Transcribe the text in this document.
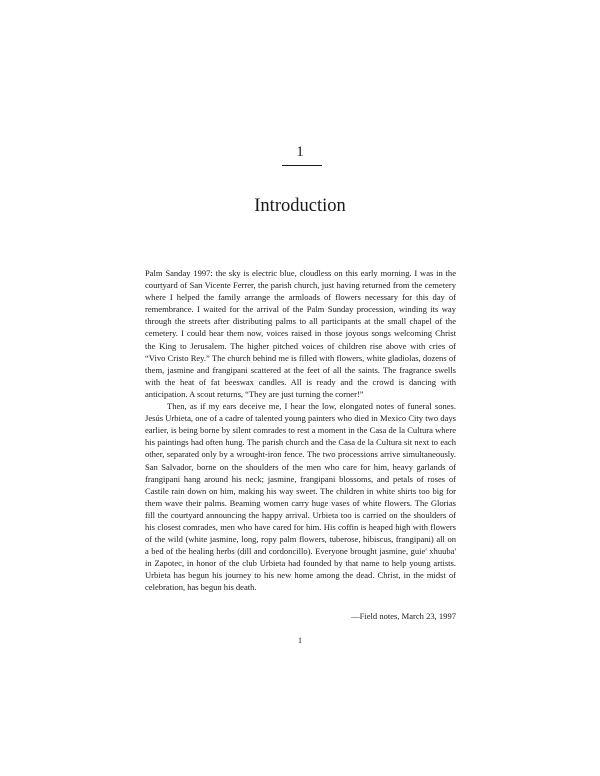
1
Introduction

Palm Sanday 1997: the sky is electric blue, cloudless on this early morning. I was in the courtyard of San Vicente Ferrer, the parish church, just having returned from the cemetery where I helped the family arrange the armloads of flowers necessary for this day of remembrance. I waited for the arrival of the Palm Sunday procession, winding its way through the streets after distributing palms to all participants at the small chapel of the cemetery. I could hear them now, voices raised in those joyous songs welcoming Christ the King to Jerusalem. The higher pitched voices of children rise above with cries of “Vivo Cristo Rey.” The church behind me is filled with flowers, white gladiolas, dozens of them, jasmine and frangipani scattered at the feet of all the saints. The fragrance swells with the heat of fat beeswax candles. All is ready and the crowd is dancing with anticipation. A scout returns, “They are just turning the corner!”

Then, as if my ears deceive me, I hear the low, elongated notes of funeral sones. Jesús Urbieta, one of a cadre of talented young painters who died in Mexico City two days earlier, is being borne by silent comrades to rest a moment in the Casa de la Cultura where his paintings had often hung. The parish church and the Casa de la Cultura sit next to each other, separated only by a wrought-iron fence. The two processions arrive simultaneously. San Salvador, borne on the shoulders of the men who care for him, heavy garlands of frangipani hang around his neck; jasmine, frangipani blossoms, and petals of roses of Castile rain down on him, making his way sweet. The children in white shirts too big for them wave their palms. Beaming women carry huge vases of white flowers. The Glorias fill the courtyard announcing the happy arrival. Urbieta too is carried on the shoulders of his closest comrades, men who have cared for him. His coffin is heaped high with flowers of the wild (white jasmine, long, ropy palm flowers, tuberose, hibiscus, frangipani) all on a bed of the healing herbs (dill and cordoncillo). Everyone brought jasmine, guie' xhuuba' in Zapotec, in honor of the club Urbieta had founded by that name to help young artists. Urbieta has begun his journey to his new home among the dead. Christ, in the midst of celebration, has begun his death.

—Field notes, March 23, 1997
1
